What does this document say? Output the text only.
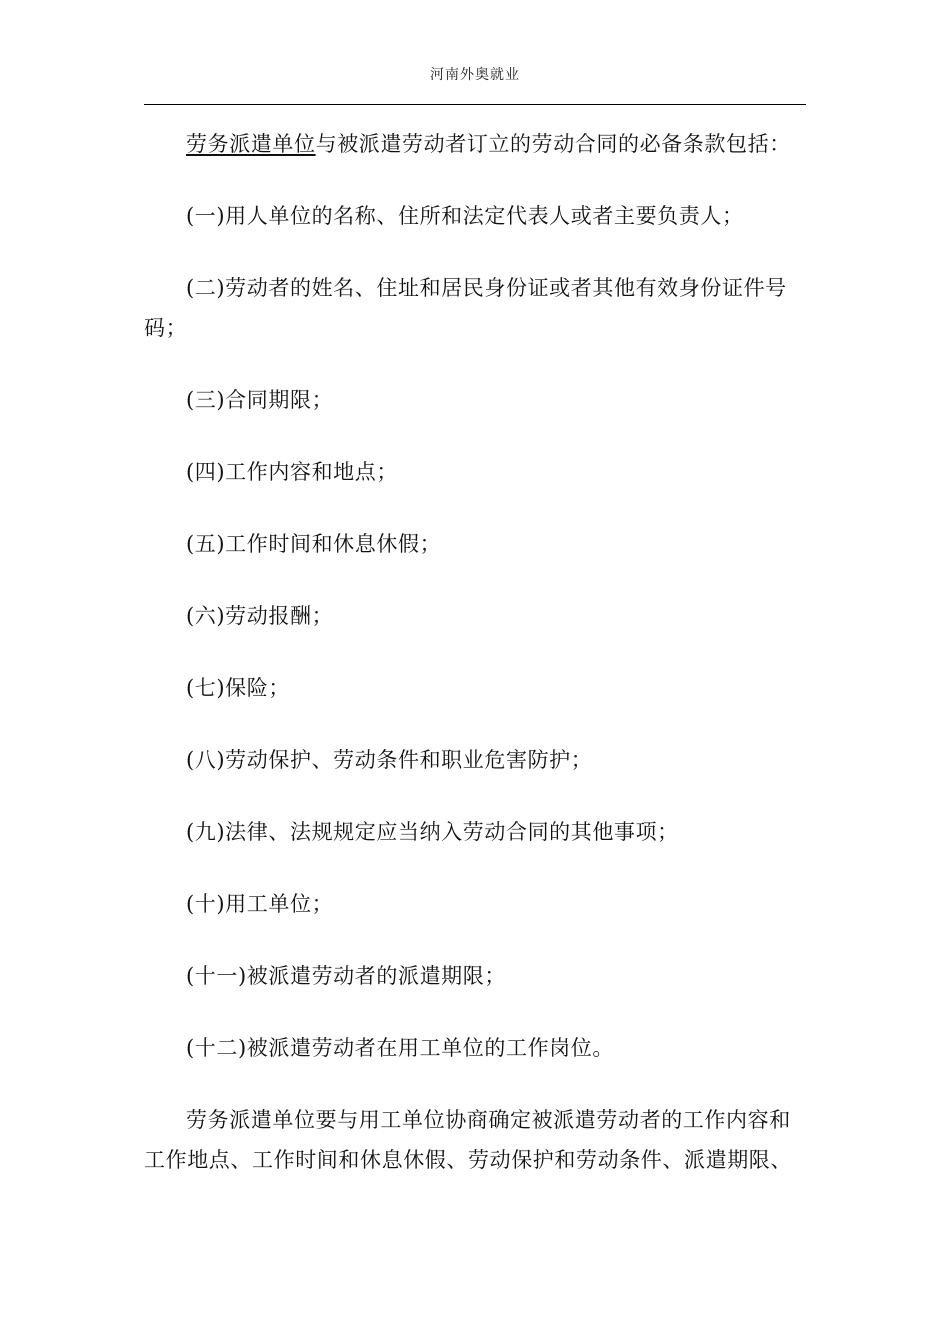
河南外奥就业

劳务派遣单位与被派遣劳动者订立的劳动合同的必备条款包括：

(一)用人单位的名称、住所和法定代表人或者主要负责人；

(二)劳动者的姓名、住址和居民身份证或者其他有效身份证件号码；

(三)合同期限；

(四)工作内容和地点；

(五)工作时间和休息休假；

(六)劳动报酬；

(七)保险；

(八)劳动保护、劳动条件和职业危害防护；

(九)法律、法规规定应当纳入劳动合同的其他事项；

(十)用工单位；

(十一)被派遣劳动者的派遣期限；

(十二)被派遣劳动者在用工单位的工作岗位。

劳务派遣单位要与用工单位协商确定被派遣劳动者的工作内容和工作地点、工作时间和休息休假、劳动保护和劳动条件、派遣期限、
